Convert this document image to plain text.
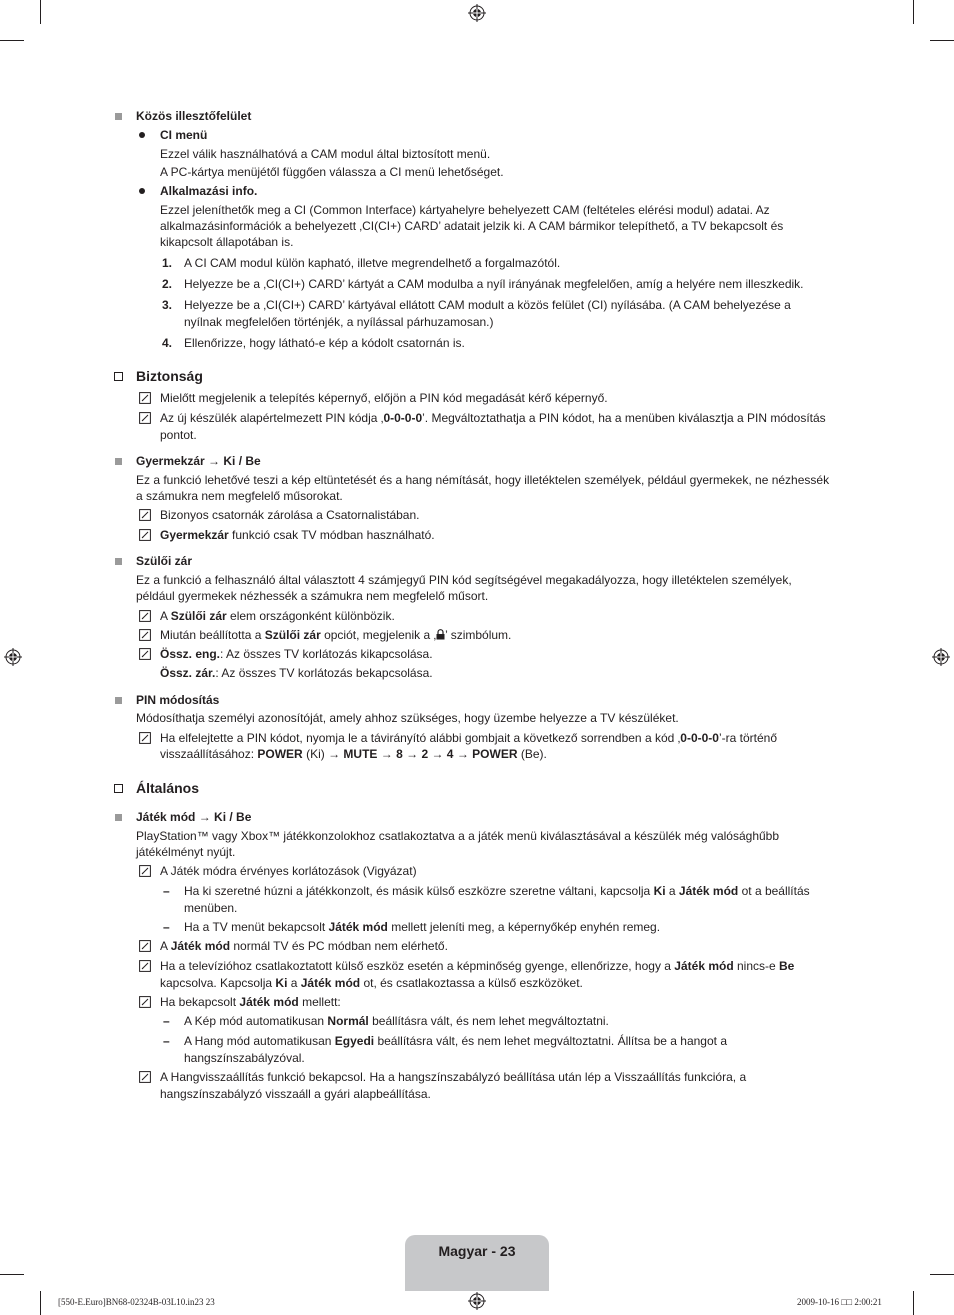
Közös illesztőfelület
CI menü
Ezzel válik használhatóvá a CAM modul által biztosított menü.
A PC-kártya menüjétől függően válassza a CI menü lehetőséget.
Alkalmazási info.
Ezzel jeleníthetők meg a CI (Common Interface) kártyahelyre behelyezett CAM (feltételes elérési modul) adatai. Az
alkalmazásinformációk a behelyezett ‚CI(CI+) CARD’ adatait jelzik ki. A CAM bármikor telepíthető, a TV bekapcsolt és
kikapcsolt állapotában is.
1. A CI CAM modul külön kapható, illetve megrendelhető a forgalmazótól.
2. Helyezze be a ‚CI(CI+) CARD’ kártyát a CAM modulba a nyíl irányának megfelelően, amíg a helyére nem illeszkedik.
3. Helyezze be a ‚CI(CI+) CARD’ kártyával ellátott CAM modult a közös felület (CI) nyílásába. (A CAM behelyezése a
nyílnak megfelelően történjék, a nyílással párhuzamosan.)
4. Ellenőrizze, hogy látható-e kép a kódolt csatornán is.
Biztonság
Mielőtt megjelenik a telepítés képernyő, előjön a PIN kód megadását kérő képernyő.
Az új készülék alapértelmezett PIN kódja ‚0-0-0-0’. Megváltoztathatja a PIN kódot, ha a menüben kiválasztja a PIN módosítás
pontot.
Gyermekzár → Ki / Be
Ez a funkció lehetővé teszi a kép eltüntetését és a hang némítását, hogy illetéktelen személyek, például gyermekek, ne nézhessék
a számukra nem megfelelő műsorokat.
Bizonyos csatornák zárolása a Csatornalistában.
Gyermekzár funkció csak TV módban használható.
Szülői zár
Ez a funkció a felhasználó által választott 4 számjegyű PIN kód segítségével megakadályozza, hogy illetéktelen személyek,
például gyermekek nézhessék a számukra nem megfelelő műsort.
A Szülői zár elem országonként különbözik.
Miután beállította a Szülői zár opciót, megjelenik a ‚ ’ szimbólum.
Össz. eng.: Az összes TV korlátozás kikapcsolása.
Össz. zár.: Az összes TV korlátozás bekapcsolása.
PIN módosítás
Módosíthatja személyi azonosítóját, amely ahhoz szükséges, hogy üzembe helyezze a TV készüléket.
Ha elfelejtette a PIN kódot, nyomja le a távirányító alábbi gombjait a következő sorrendben a kód ‚0-0-0-0’-ra történő
visszaállításához: POWER (Ki) → MUTE → 8 → 2 → 4 → POWER (Be).
Általános
Játék mód → Ki / Be
PlayStation™ vagy Xbox™ játékkonzolokhoz csatlakoztatva a a játék menü kiválasztásával a készülék még valósághűbb
játékélményt nyújt.
A Játék módra érvényes korlátozások (Vigyázat)
– Ha ki szeretné húzni a játékkonzolt, és másik külső eszközre szeretne váltani, kapcsolja Ki a Játék mód ot a beállítás
menüben.
– Ha a TV menüt bekapcsolt Játék mód mellett jeleníti meg, a képernyőkép enyhén remeg.
A Játék mód normál TV és PC módban nem elérhető.
Ha a televízióhoz csatlakoztatott külső eszköz esetén a képminőség gyenge, ellenőrizze, hogy a Játék mód nincs-e Be
kapcsolva. Kapcsolja Ki a Játék mód ot, és csatlakoztassa a külső eszközöket.
Ha bekapcsolt Játék mód mellett:
– A Kép mód automatikusan Normál beállításra vált, és nem lehet megváltoztatni.
– A Hang mód automatikusan Egyedi beállításra vált, és nem lehet megváltoztatni. Állítsa be a hangot a
hangszínszabályzóval.
A Hangvisszaállítás funkció bekapcsol. Ha a hangszínszabályzó beállítása után lép a Visszaállítás funkcióra, a
hangszínszabályzó visszaáll a gyári alapbeállítása.
Magyar - 23
[550-E.Euro]BN68-02324B-03L10.in23 23	2009-10-16 □□ 2:00:21
